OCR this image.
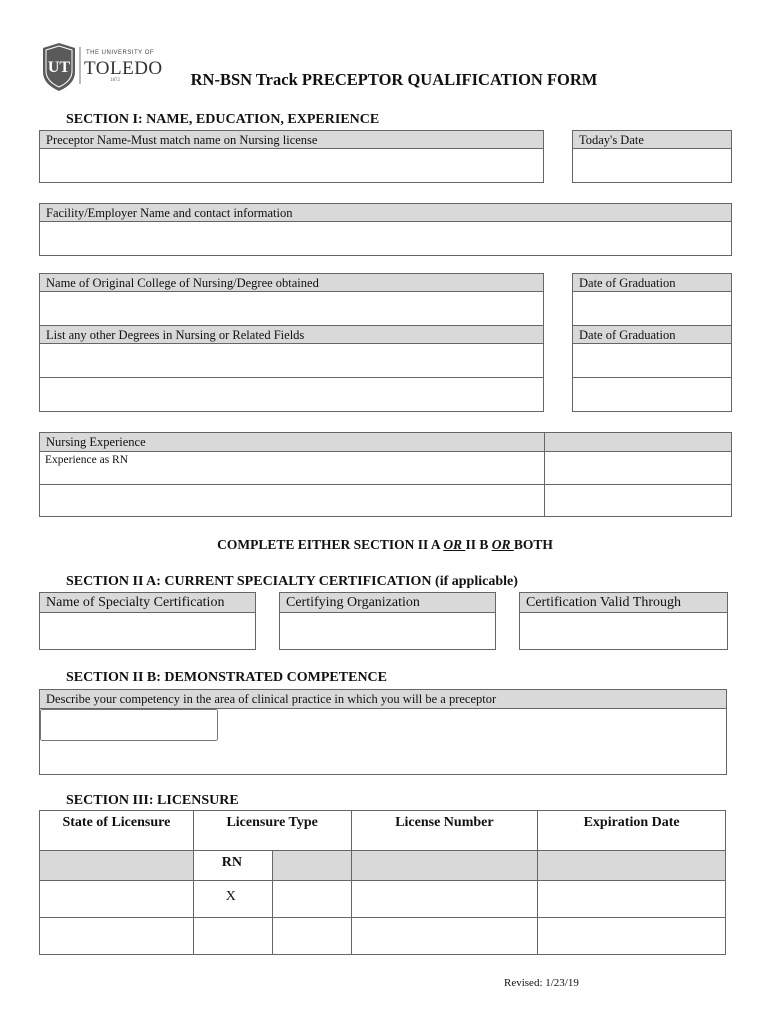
UT
THE UNIVERSITY OF
TOLEDO
1872	RN-BSN Track PRECEPTOR QUALIFICATION FORM
SECTION I: NAME, EDUCATION, EXPERIENCE
Preceptor Name-Must match name on Nursing license	Today's Date
Facility/Employer Name and contact information
Name of Original College of Nursing/Degree obtained	Date of Graduation
List any other Degrees in Nursing or Related Fields	Date of Graduation
Nursing Experience
Experience as RN
COMPLETE EITHER SECTION II A OR II B OR BOTH
SECTION II A: CURRENT SPECIALTY CERTIFICATION (if applicable)
Name of Specialty Certification	Certifying Organization	Certification Valid Through
SECTION II B: DEMONSTRATED COMPETENCE
Describe your competency in the area of clinical practice in which you will be a preceptor
SECTION III: LICENSURE
State of Licensure	Licensure Type		License Number	Expiration Date
	RN			
	X			

Revised: 1/23/19
